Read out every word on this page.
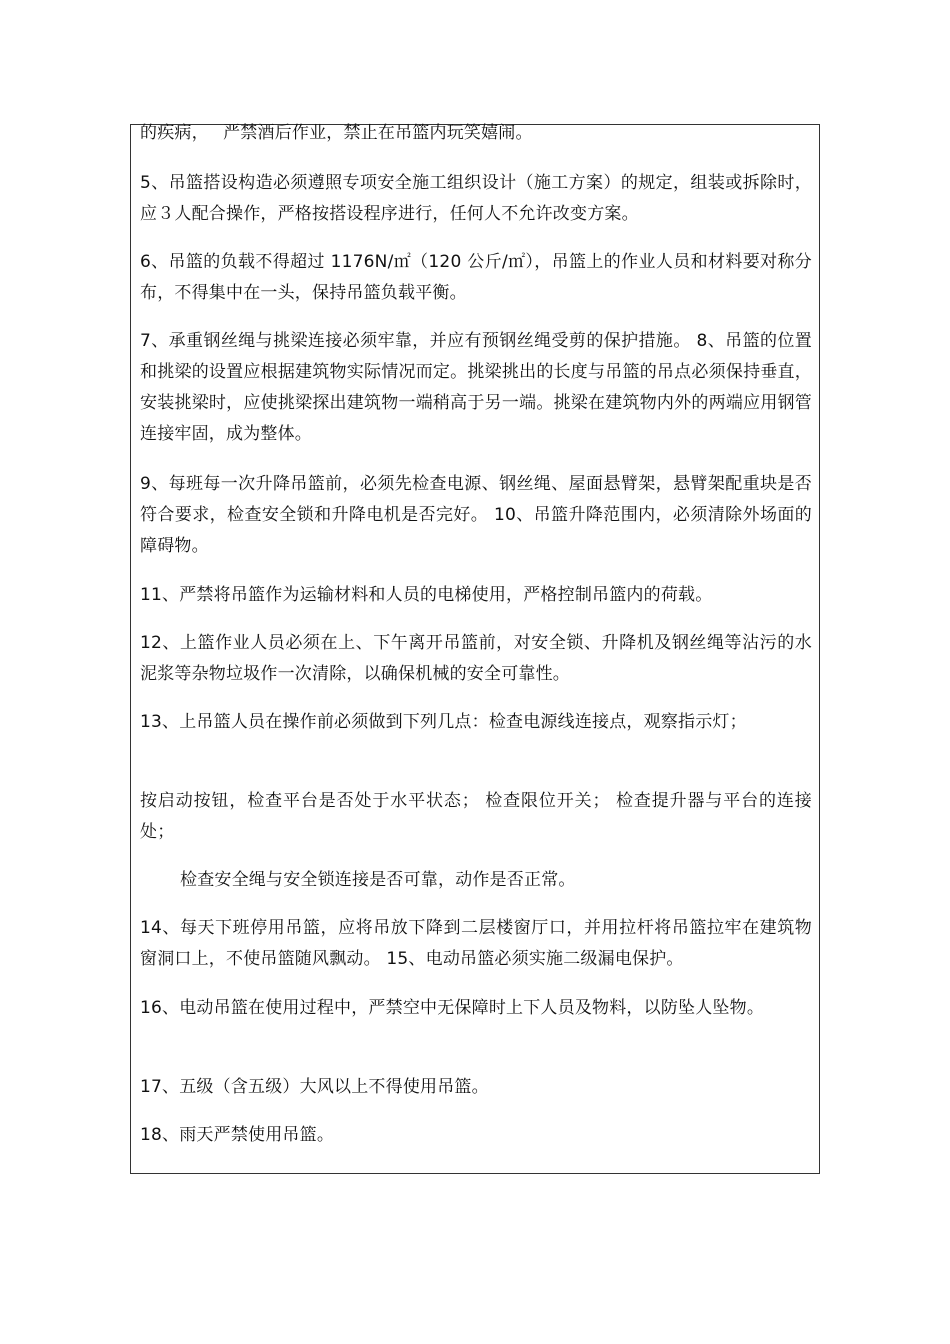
的疾病，　 严禁酒后作业，禁止在吊篮内玩笑嬉闹。
5、吊篮搭设构造必须遵照专项安全施工组织设计（施工方案）的规定，组装或拆除时，应３人配合操作，严格按搭设程序进行，任何人不允许改变方案。
6、吊篮的负载不得超过 1176N/㎡（120 公斤/㎡），吊篮上的作业人员和材料要对称分布，不得集中在一头，保持吊篮负载平衡。
7、承重钢丝绳与挑梁连接必须牢靠，并应有预钢丝绳受剪的保护措施。 8、吊篮的位置和挑梁的设置应根据建筑物实际情况而定。挑梁挑出的长度与吊篮的吊点必须保持垂直，安装挑梁时，应使挑梁探出建筑物一端稍高于另一端。挑梁在建筑物内外的两端应用钢管连接牢固，成为整体。
9、每班每一次升降吊篮前，必须先检查电源、钢丝绳、屋面悬臂架，悬臂架配重块是否符合要求，检查安全锁和升降电机是否完好。 10、吊篮升降范围内，必须清除外场面的障碍物。
11、严禁将吊篮作为运输材料和人员的电梯使用，严格控制吊篮内的荷载。
12、上篮作业人员必须在上、下午离开吊篮前，对安全锁、升降机及钢丝绳等沾污的水泥浆等杂物垃圾作一次清除，以确保机械的安全可靠性。
13、上吊篮人员在操作前必须做到下列几点：检查电源线连接点，观察指示灯；
按启动按钮，检查平台是否处于水平状态； 检查限位开关； 检查提升器与平台的连接处；
　　 检查安全绳与安全锁连接是否可靠，动作是否正常。
14、每天下班停用吊篮，应将吊放下降到二层楼窗厅口，并用拉杆将吊篮拉牢在建筑物窗洞口上，不使吊篮随风飘动。 15、电动吊篮必须实施二级漏电保护。
16、电动吊篮在使用过程中，严禁空中无保障时上下人员及物料，以防坠人坠物。
17、五级（含五级）大风以上不得使用吊篮。
18、雨天严禁使用吊篮。
